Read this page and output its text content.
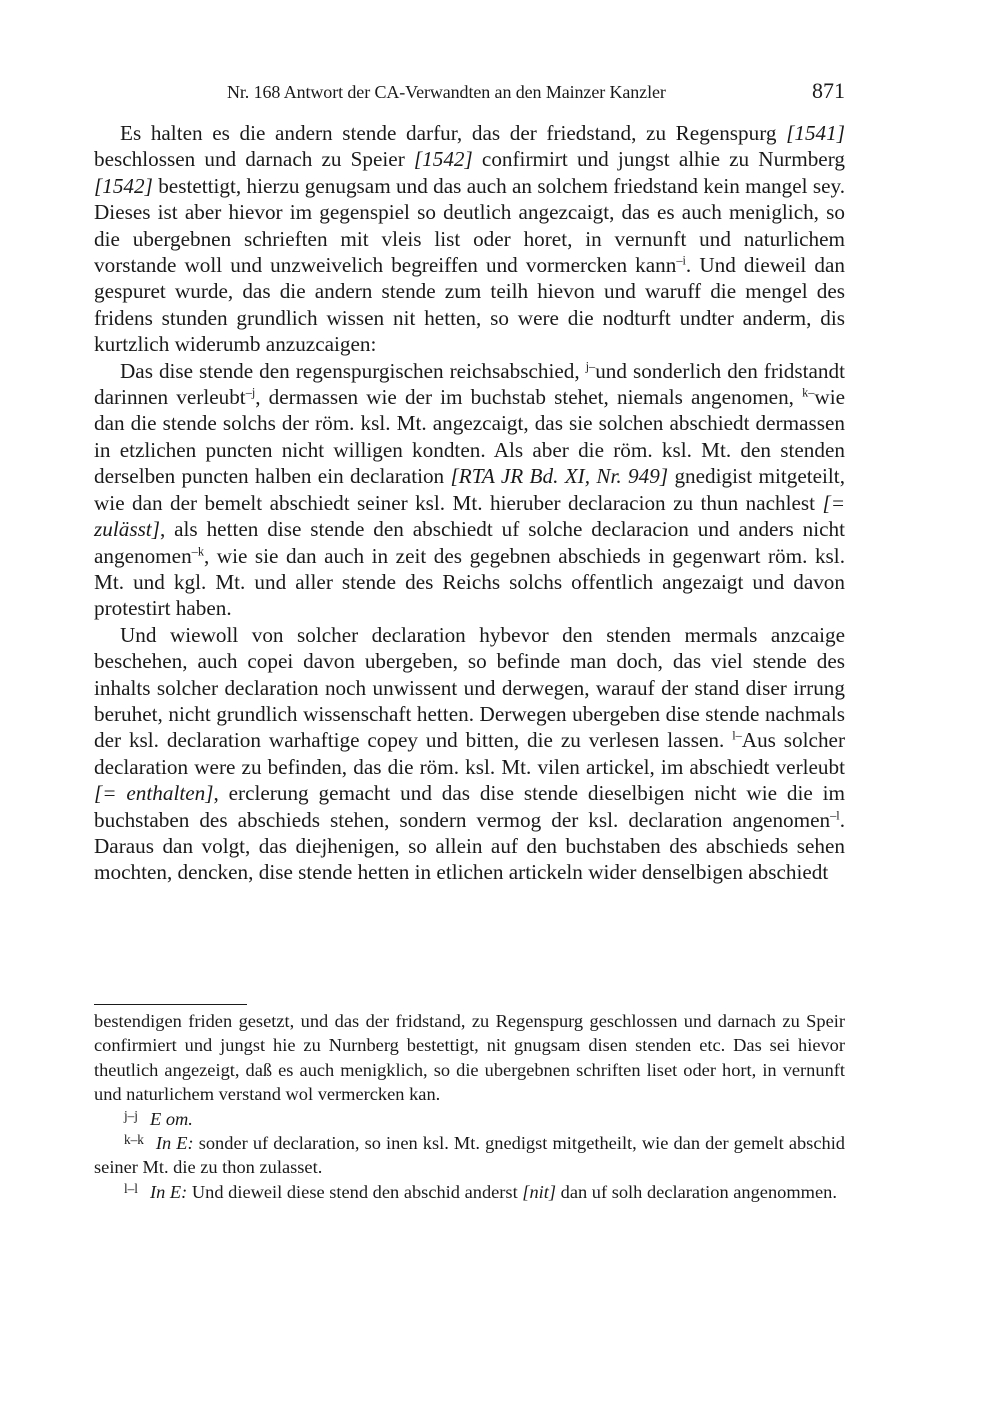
Nr. 168 Antwort der CA-Verwandten an den Mainzer Kanzler	871

Es halten es die andern stende darfur, das der friedstand, zu Regenspurg [1541] beschlossen und darnach zu Speier [1542] confirmirt und jungst alhie zu Nurmberg [1542] bestettigt, hierzu genugsam und das auch an solchem friedstand kein mangel sey. Dieses ist aber hievor im gegenspiel so deutlich angezcaigt, das es auch meniglich, so die ubergebnen schrieften mit vleis list oder horet, in vernunft und naturlichem vorstande woll und unzweivelich begreiffen und vormercken kann$^{-i}$. Und dieweil dan gespuret wurde, das die andern stende zum teilh hievon und waruff die mengel des fridens stunden grundlich wissen nit hetten, so were die nodturft undter anderm, dis kurtzlich widerumb anzuzcaigen:

Das dise stende den regenspurgischen reichsabschied, $^{j-}$und sonderlich den fridstandt darinnen verleubt$^{-j}$, dermassen wie der im buchstab stehet, niemals angenomen, $^{k-}$wie dan die stende solchs der röm. ksl. Mt. angezcaigt, das sie solchen abschiedt dermassen in etzlichen puncten nicht willigen kondten. Als aber die röm. ksl. Mt. den stenden derselben puncten halben ein declaration [RTA JR Bd. XI, Nr. 949] gnedigist mitgeteilt, wie dan der bemelt abschiedt seiner ksl. Mt. hieruber declaracion zu thun nachlest [= zulässt], als hetten dise stende den abschiedt uf solche declaracion und anders nicht angenomen$^{-k}$, wie sie dan auch in zeit des gegebnen abschieds in gegenwart röm. ksl. Mt. und kgl. Mt. und aller stende des Reichs solchs offentlich angezaigt und davon protestirt haben.

Und wiewoll von solcher declaration hybevor den stenden mermals anzcaige beschehen, auch copei davon ubergeben, so befinde man doch, das viel stende des inhalts solcher declaration noch unwissent und derwegen, warauf der stand diser irrung beruhet, nicht grundlich wissenschaft hetten. Derwegen ubergeben dise stende nachmals der ksl. declaration warhaftige copey und bitten, die zu verlesen lassen. $^{l-}$Aus solcher declaration were zu befinden, das die röm. ksl. Mt. vilen artickel, im abschiedt verleubt [= enthalten], erclerung gemacht und das dise stende dieselbigen nicht wie die im buchstaben des abschieds stehen, sondern vermog der ksl. declaration angenomen$^{-l}$. Daraus dan volgt, das diejhenigen, so allein auf den buchstaben des abschieds sehen mochten, dencken, dise stende hetten in etlichen artickeln wider denselbigen abschiedt

bestendigen friden gesetzt, und das der fridstand, zu Regenspurg geschlossen und darnach zu Speir confirmiert und jungst hie zu Nurnberg bestettigt, nit gnugsam disen stenden etc. Das sei hievor theutlich angezeigt, daß es auch menigklich, so die ubergebnen schriften liset oder hort, in vernunft und naturlichem verstand wol vermercken kan.

$^{j-j}$ E om.

$^{k-k}$ In E: sonder uf declaration, so inen ksl. Mt. gnedigst mitgetheilt, wie dan der gemelt abschid seiner Mt. die zu thon zulasset.

$^{l-l}$ In E: Und dieweil diese stend den abschid anderst [nit] dan uf solh declaration angenommen.
